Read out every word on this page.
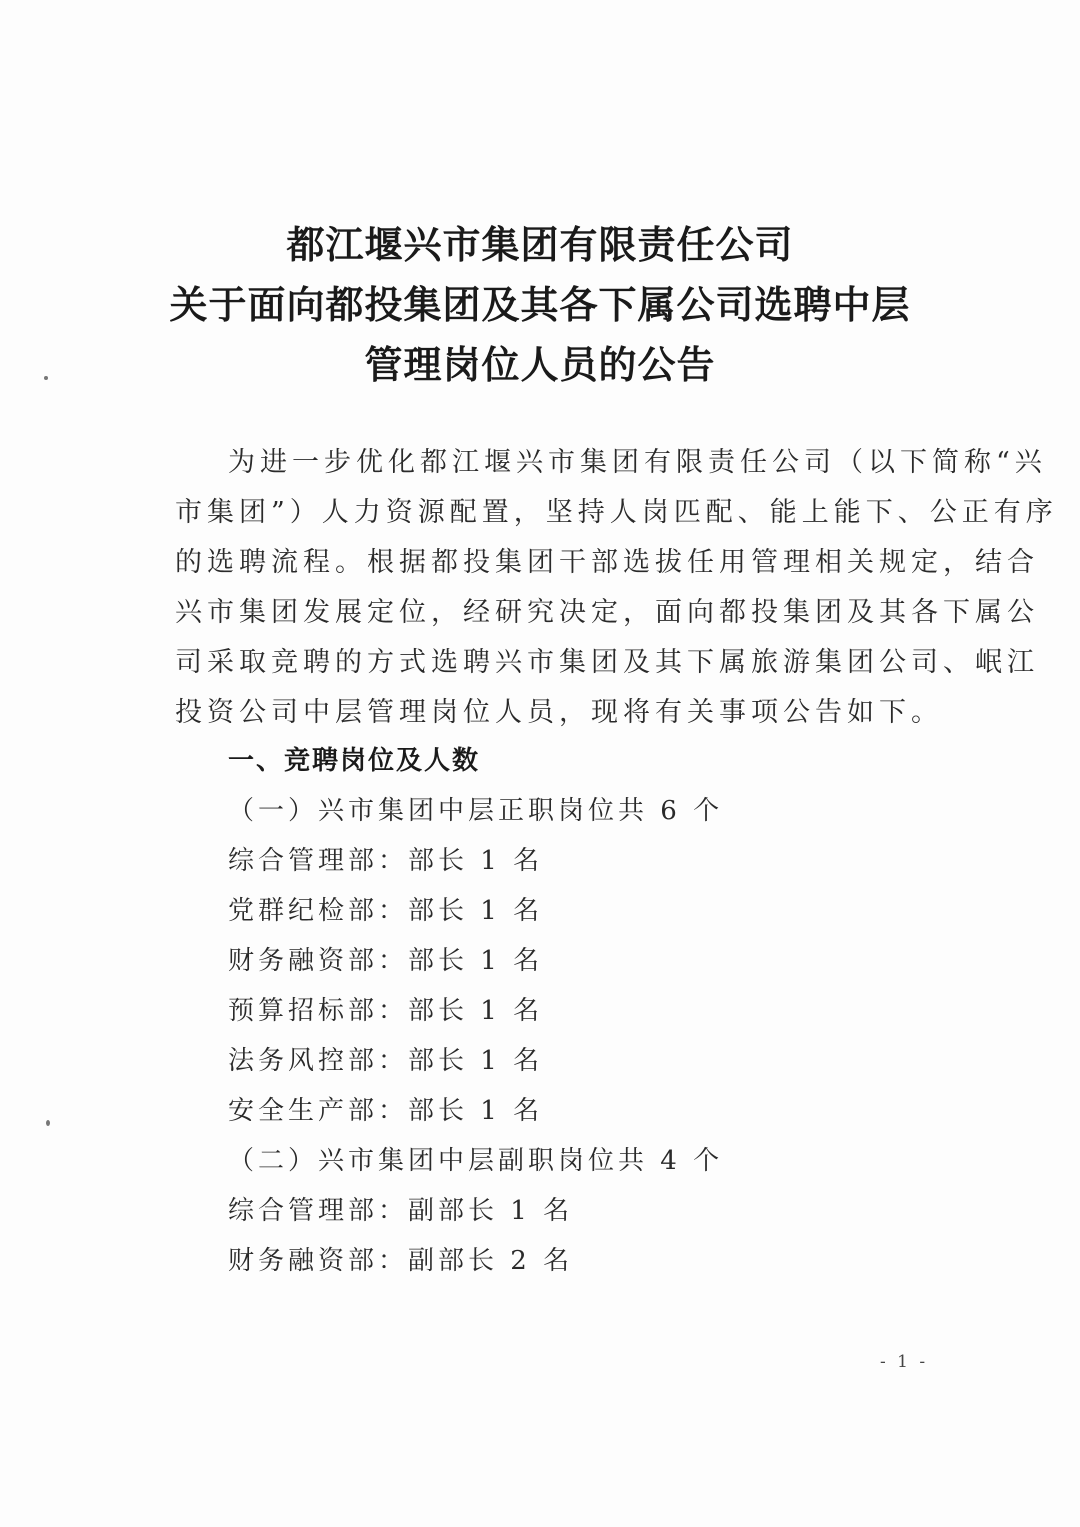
都江堰兴市集团有限责任公司
关于面向都投集团及其各下属公司选聘中层
管理岗位人员的公告
为进一步优化都江堰兴市集团有限责任公司（以下简称“兴
市集团”）人力资源配置，坚持人岗匹配、能上能下、公正有序
的选聘流程。根据都投集团干部选拔任用管理相关规定，结合
兴市集团发展定位，经研究决定，面向都投集团及其各下属公
司采取竞聘的方式选聘兴市集团及其下属旅游集团公司、岷江
投资公司中层管理岗位人员，现将有关事项公告如下。
一、竞聘岗位及人数
（一）兴市集团中层正职岗位共 6 个
综合管理部：部长 1 名
党群纪检部：部长 1 名
财务融资部：部长 1 名
预算招标部：部长 1 名
法务风控部：部长 1 名
安全生产部：部长 1 名
（二）兴市集团中层副职岗位共 4 个
综合管理部：副部长 1 名
财务融资部：副部长 2 名
- 1 -
